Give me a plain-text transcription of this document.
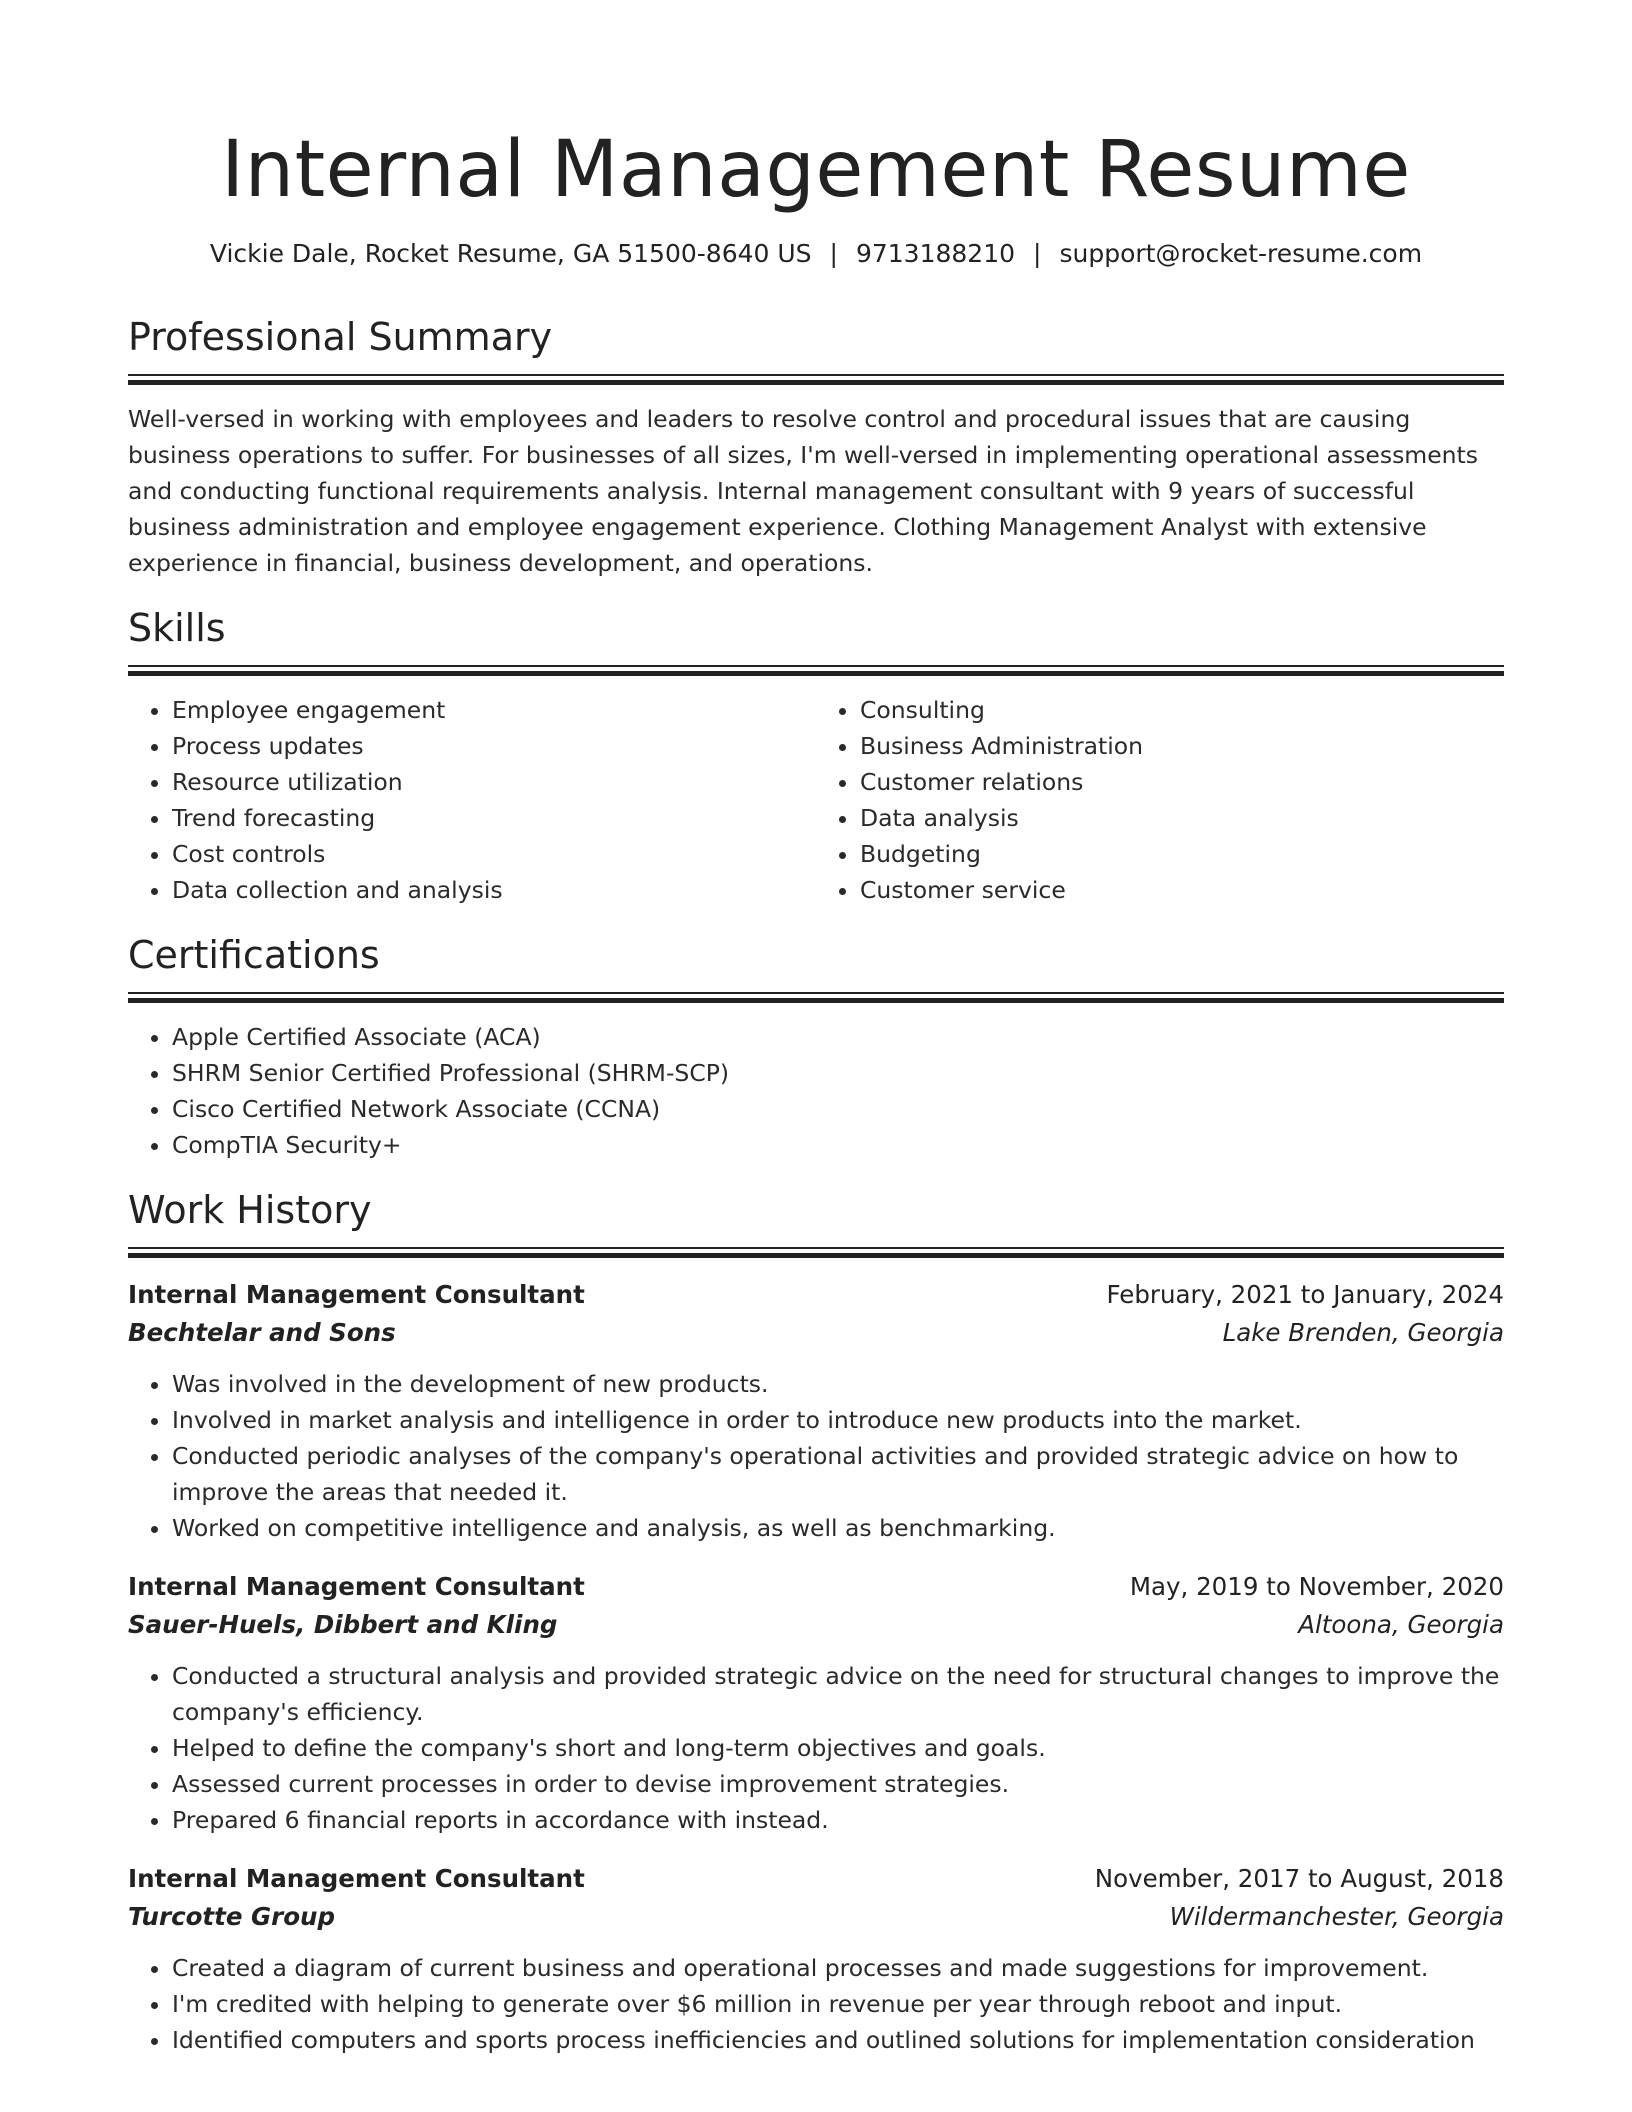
Internal Management Resume
Vickie Dale, Rocket Resume, GA 51500-8640 US | 9713188210 | support@rocket-resume.com
Professional Summary

Well-versed in working with employees and leaders to resolve control and procedural issues that are causing business operations to suffer. For businesses of all sizes, I'm well-versed in implementing operational assessments and conducting functional requirements analysis. Internal management consultant with 9 years of successful business administration and employee engagement experience. Clothing Management Analyst with extensive experience in financial, business development, and operations.

Skills
• Employee engagement
• Process updates
• Resource utilization
• Trend forecasting
• Cost controls
• Data collection and analysis
• Consulting
• Business Administration
• Customer relations
• Data analysis
• Budgeting
• Customer service
Certifications
• Apple Certified Associate (ACA)
• SHRM Senior Certified Professional (SHRM-SCP)
• Cisco Certified Network Associate (CCNA)
• CompTIA Security+
Work History
Internal Management Consultant	February, 2021 to January, 2024
Bechtelar and Sons	Lake Brenden, Georgia
• Was involved in the development of new products.
• Involved in market analysis and intelligence in order to introduce new products into the market.
• Conducted periodic analyses of the company's operational activities and provided strategic advice on how to improve the areas that needed it.
• Worked on competitive intelligence and analysis, as well as benchmarking.
Internal Management Consultant	May, 2019 to November, 2020
Sauer-Huels, Dibbert and Kling	Altoona, Georgia
• Conducted a structural analysis and provided strategic advice on the need for structural changes to improve the company's efficiency.
• Helped to define the company's short and long-term objectives and goals.
• Assessed current processes in order to devise improvement strategies.
• Prepared 6 financial reports in accordance with instead.
Internal Management Consultant	November, 2017 to August, 2018
Turcotte Group	Wildermanchester, Georgia
• Created a diagram of current business and operational processes and made suggestions for improvement.
• I'm credited with helping to generate over $6 million in revenue per year through reboot and input.
• Identified computers and sports process inefficiencies and outlined solutions for implementation consideration
